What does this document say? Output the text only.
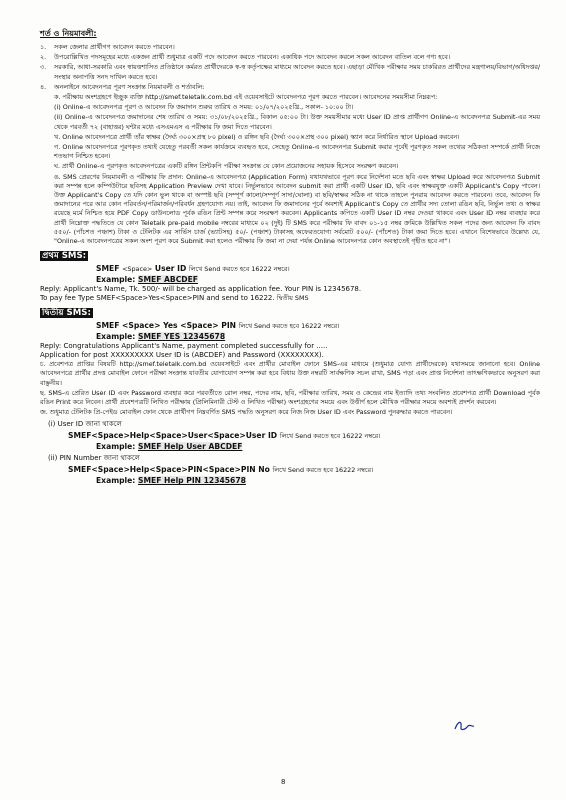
শর্ত ও নিয়মাবলী:

১. সকল জেলার প্রার্থীগণ আবেদন করতে পারবেন।

২. উপরোল্লিখিত পদসমূহের মধ্যে একজন প্রার্থী শুধুমাত্র একটি পদে আবেদন করতে পারবেন। একাধিক পদে আবেদন করলে সকল আবেদন বাতিল বলে গণ্য হবে।

৩. সরকারি, আধা-সরকারি এবং স্বায়ত্তশাসিত প্রতিষ্ঠানে কর্মরত প্রার্থীদেরকে স্ব-স্ব কর্তৃপক্ষের মাধ্যমে আবেদন করতে হবে। এছাড়া মৌখিক পরীক্ষার সময় চাকরিরত প্রার্থীদের মন্ত্রণালয়/বিভাগ/অধিদপ্তর/সংস্থার অনাপত্তি সনদ দাখিল করতে হবে।

৪. অনলাইনে আবেদনপত্র পূরণ সংক্রান্ত নিয়মাবলী ও শর্তাবলি:

ক. পরীক্ষায় অংশগ্রহণে ইচ্ছুক ব্যক্তি http://smef.teletalk.com.bd এই ওয়েবসাইটে আবেদনপত্র পূরণ করতে পারবেন। আবেদনের সময়সীমা নিম্নরূপ:

(i) Online-এ আবেদনপত্র পূরণ ও আবেদন ফি জমাদান শুরুর তারিখ ও সময়: ০১/০৭/২০২৫খ্রি., সকাল- ১০:০০ টা।

(ii) Online-এ আবেদনপত্র জমাদানের শেষ তারিখ ও সময়: ৩১/০৮/২০২৫খ্রি., বিকাল ০৫:০০ টা। উক্ত সময়সীমার মধ্যে User ID প্রাপ্ত প্রার্থীগণ Online-এ আবেদনপত্র Submit-এর সময় থেকে পরবর্তী ৭২ (বাহাত্তর) ঘন্টার মধ্যে এসএমএস এ পরীক্ষার ফি জমা দিতে পারবেন।

খ. Online আবেদনপত্রে প্রার্থী তাঁর স্বাক্ষর (দৈর্ঘ্য ৩০০×প্রস্থ ৮০ pixel) ও রঙ্গিন ছবি (দৈর্ঘ্য ৩০০×প্রস্থ ৩০০ pixel) স্ক্যান করে নির্ধারিত স্থানে Upload করবেন।

গ. Online আবেদনপত্রে পূরণকৃত তথ্যই যেহেতু পরবর্তী সকল কার্যক্রমে ব্যবহৃত হবে, সেহেতু Online-এ আবেদনপত্র Submit করার পূর্বেই পূরণকৃত সকল তথ্যের সঠিকতা সম্পর্কে প্রার্থী নিজে শতভাগ নিশ্চিত হবেন।

ঘ. প্রার্থী Online-এ পূরণকৃত আবেদনপত্রের একটি রঙ্গিন প্রিন্টকপি পরীক্ষা সংক্রান্ত যে কোন প্রয়োজনের সহায়ক হিসেবে সংরক্ষণ করবেন।

ঙ. SMS প্রেরণের নিয়মাবলী ও পরীক্ষার ফি প্রদান: Online-এ আবেদনপত্র (Application Form) যথাযথভাবে পূরণ করে নির্দেশনা মতে ছবি এবং স্বাক্ষর Upload করে আবেদনপত্র Submit করা সম্পন্ন হলে কম্পিউটারে ছবিসহ Application Preview দেখা যাবে। নির্ভুলভাবে আবেদন submit করা প্রার্থী একটি User ID, ছবি এবং স্বাক্ষরযুক্ত একটি Applicant's Copy পাবেন। উক্ত Applicant's Copy তে যদি কোন ভুল থাকে বা অস্পষ্ট ছবি (সম্পূর্ণ কালো/সম্পূর্ণ সাদা/ঘোলা) বা ছবি/স্বাক্ষর সঠিক না থাকে তাহলে পুনরায় আবেদন করতে পারবেন। তবে, আবেদন ফি জমাদানের পরে আর কোন পরিবর্তন/পরিমার্জন/পরিবর্ধন গ্রহণযোগ্য নয়। তাই, আবেদন ফি জমাদানের পূর্বে অবশ্যই Applicant's Copy তে প্রার্থীর সদ্য তোলা রঙিন ছবি, নির্ভুল তথ্য ও স্বাক্ষর রয়েছে মর্মে নিশ্চিত হয়ে PDF Copy ডাউনলোড পূর্বক রঙিন প্রিন্ট সম্পন্ন করে সংরক্ষণ করবেন। Applicants কপিতে একটি User ID নম্বর দেওয়া থাকবে এবং User ID নম্বর ব্যবহার করে প্রার্থী নিম্নোক্ত পদ্ধতিতে যে কোন Teletalk pre-paid mobile নম্বরের মাধ্যমে ০২ (দুই) টি SMS করে পরীক্ষার ফি বাবদ ০১-১৫ নম্বর ক্রমিকে উল্লিখিত সকল পদের জন্য আবেদন ফি বাবদ ৫৫০/- (পাঁচশত পঞ্চাশ) টাকা ও টেলিটক এর সার্ভিস চার্জ (ভ্যাটসহ) ৫০/- (পঞ্চাশ) টাকাসহ অফেরতযোগ্য সর্বমোট ৫০০/- (পাঁচশত) টাকা জমা দিতে হবে। এখানে বিশেষভাবে উল্লেখ্য যে, "Online-এ আবেদনপত্রের সকল অংশ পূরণ করে Submit করা হলেও পরীক্ষার ফি জমা না দেয়া পর্যন্ত Online আবেদনপত্র কোন অবস্থাতেই গৃহীত হবে না"।

প্রথম SMS:
SMEF <Space> User ID লিখে Send করতে হবে 16222 নম্বরে।
Example: SMEF ABCDEF

Reply: Applicant's Name, Tk. 500/- will be charged as application fee. Your PIN is 12345678.

To pay fee Type SMEF<Space>Yes<Space>PIN and send to 16222. দ্বিতীয় SMS

দ্বিতীয় SMS:
SMEF <Space> Yes <Space> PIN লিখে Send করতে হবে 16222 নম্বরে।
Example: SMEF YES 12345678

Reply: Congratulations Applicant's Name, payment completed successfully for .....

Application for post XXXXXXXXX User ID is (ABCDEF) and Password (XXXXXXXX).

চ. প্রবেশপত্র প্রাপ্তির বিষয়টি http://smef.teletalk.com.bd ওয়েবসাইটে এবং প্রার্থীর মোবাইল ফোনে SMS-এর মাধ্যমে (শুধুমাত্র যোগ্য প্রার্থীদেরকে) যথাসময়ে জানানো হবে। Online আবেদনপত্রে প্রার্থীর প্রদত্ত মোবাইল ফোনে পরীক্ষা সংক্রান্ত যাবতীয় যোগাযোগ সম্পন্ন করা হবে বিধায় উক্ত নম্বরটি সার্বক্ষণিক সচল রাখা, SMS পড়া এবং প্রাপ্ত নির্দেশনা তাৎক্ষণিকভাবে অনুসরণ করা বাঞ্ছনীয়।

ছ. SMS-এ প্রেরিত User ID এবং Password ব্যবহার করে পরবর্তীতে রোল নম্বর, পদের নাম, ছবি, পরীক্ষার তারিখ, সময় ও কেন্দ্রের নাম ইত্যাদি তথ্য সংবলিত প্রবেশপত্র প্রার্থী Download পূর্বক রঙিন Print করে নিবেন। প্রার্থী প্রবেশপত্রটি লিখিত পরীক্ষায় (প্রিলিমিনারী টেস্ট ও লিখিত পরীক্ষা) অংশগ্রহণের সময়ে এবং উত্তীর্ণ হলে মৌখিক পরীক্ষার সময়ে অবশ্যই প্রদর্শন করবেন।

জ. শুধুমাত্র টেলিটক প্রি-পেইড মোবাইল ফোন থেকে প্রার্থীগণ নিম্নবর্ণিত SMS পদ্ধতি অনুসরণ করে নিজ নিজ User ID এবং Password পুনরুদ্ধার করতে পারবেন।

(i) User ID জানা থাকলে
SMEF<Space>Help<Space>User<Space>User ID লিখে Send করতে হবে 16222 নম্বরে।
Example: SMEF Help User ABCDEF
(ii) PIN Number জানা থাকলে
SMEF<Space>Help<Space>PIN<Space>PIN No লিখে Send করতে হবে 16222 নম্বরে।
Example: SMEF Help PIN 12345678
8
